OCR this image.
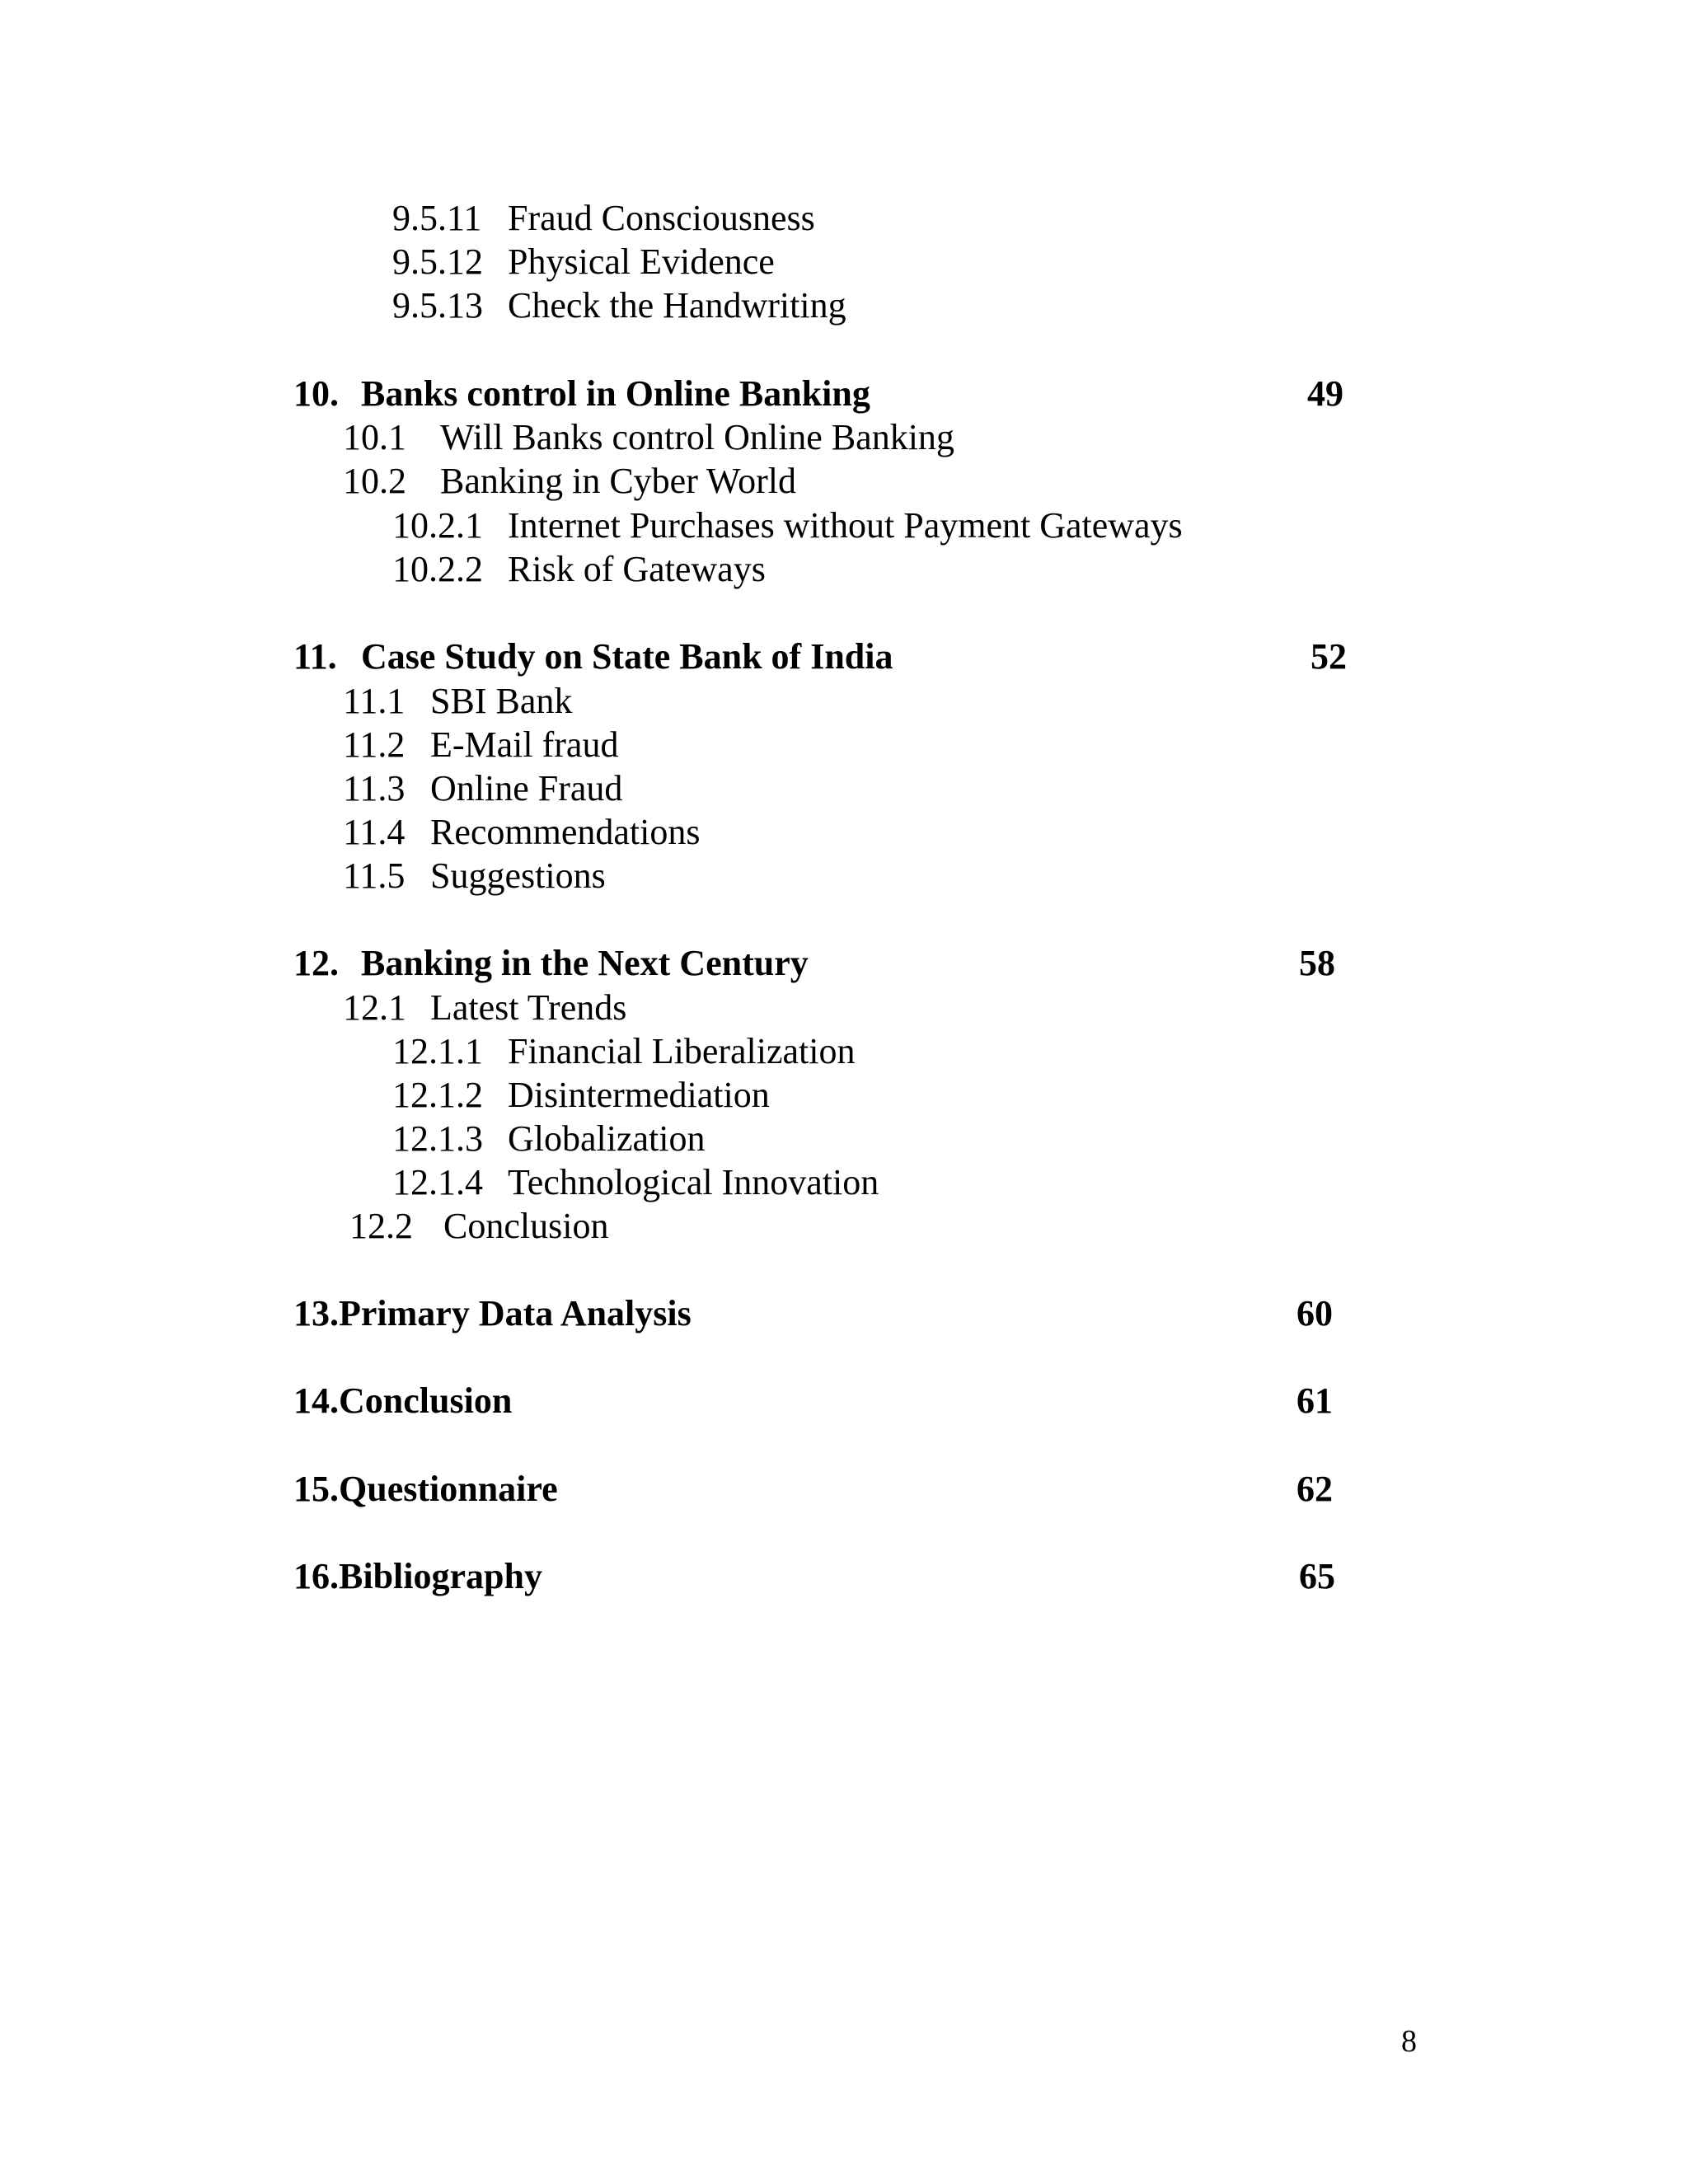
9.5.11 Fraud Consciousness
9.5.12 Physical Evidence
9.5.13 Check the Handwriting
10. Banks control in Online Banking	49
10.1 Will Banks control Online Banking
10.2 Banking in Cyber World
10.2.1 Internet Purchases without Payment Gateways
10.2.2 Risk of Gateways
11. Case Study on State Bank of India	52
11.1 SBI Bank
11.2 E-Mail fraud
11.3 Online Fraud
11.4 Recommendations
11.5 Suggestions
12. Banking in the Next Century	58
12.1 Latest Trends
12.1.1 Financial Liberalization
12.1.2 Disintermediation
12.1.3 Globalization
12.1.4 Technological Innovation
12.2 Conclusion
13.Primary Data Analysis	60
14.Conclusion	61
15.Questionnaire	62
16.Bibliography	65
8
